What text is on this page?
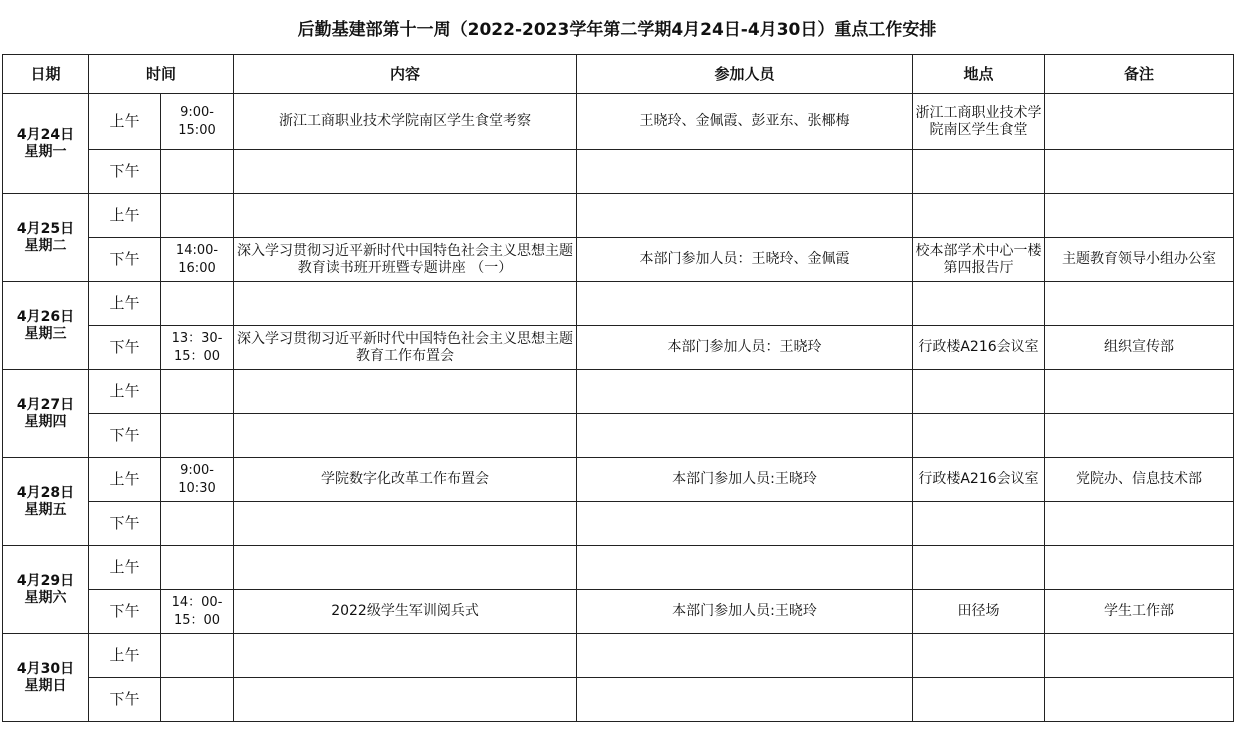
后勤基建部第十一周（2022-2023学年第二学期4月24日-4月30日）重点工作安排
日期	时间		内容	参加人员	地点	备注

4月24日
星期一	上午	9:00-15:00	浙江工商职业技术学院南区学生食堂考察	王晓玲、金佩霞、彭亚东、张椰梅	浙江工商职业技术学院南区学生食堂	
	下午					

4月25日
星期二	上午					
	下午	14:00-16:00	深入学习贯彻习近平新时代中国特色社会主义思想主题教育读书班开班暨专题讲座 （一）	本部门参加人员：王晓玲、金佩霞	校本部学术中心一楼第四报告厅	主题教育领导小组办公室

4月26日
星期三	上午					
	下午	13：30-15：00	深入学习贯彻习近平新时代中国特色社会主义思想主题教育工作布置会	本部门参加人员：王晓玲	行政楼A216会议室	组织宣传部

4月27日
星期四	上午					
	下午					

4月28日
星期五	上午	9:00-10:30	学院数字化改革工作布置会	本部门参加人员:王晓玲	行政楼A216会议室	党院办、信息技术部
	下午					

4月29日
星期六	上午					
	下午	14：00-15：00	2022级学生军训阅兵式	本部门参加人员:王晓玲	田径场	学生工作部

4月30日
星期日	上午					
	下午					
